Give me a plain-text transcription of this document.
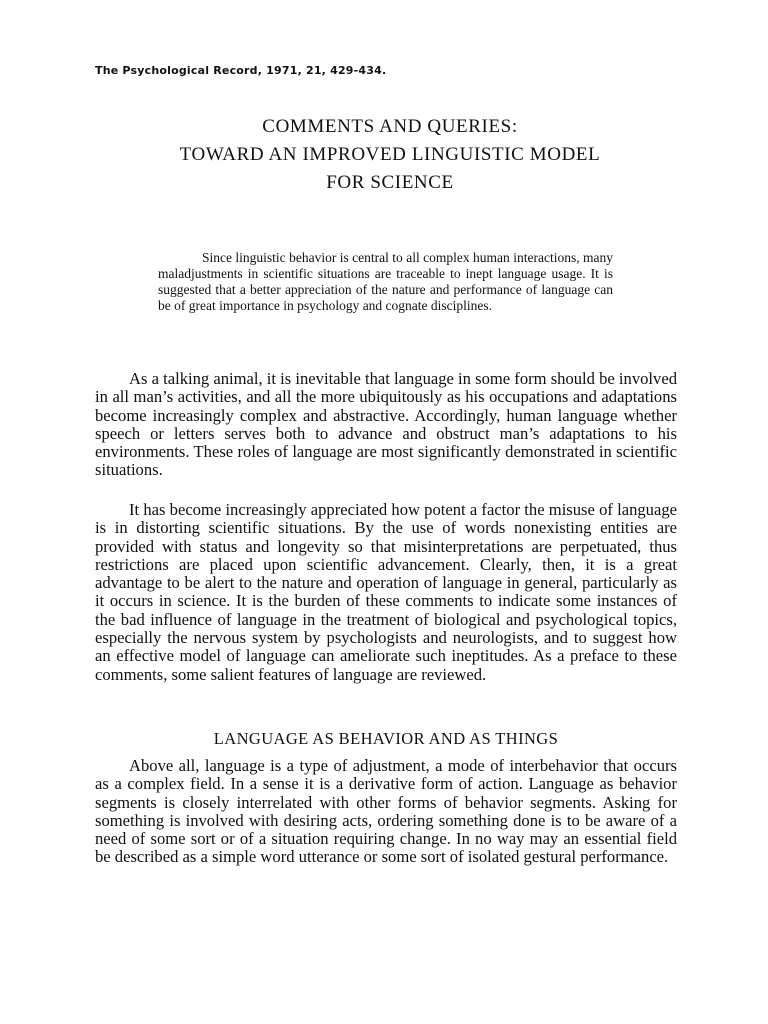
The Psychological Record, 1971, 21, 429-434.
COMMENTS AND QUERIES:
TOWARD AN IMPROVED LINGUISTIC MODEL
FOR SCIENCE

Since linguistic behavior is central to all complex human interactions, many maladjustments in scientific situations are traceable to inept language usage. It is suggested that a better appreciation of the nature and performance of language can be of great importance in psychology and cognate disciplines.

As a talking animal, it is inevitable that language in some form should be involved in all man’s activities, and all the more ubiquitously as his occupations and adaptations become increasingly complex and abstractive. Accordingly, human language whether speech or letters serves both to advance and obstruct man’s adaptations to his environments. These roles of language are most significantly demonstrated in scientific situations.

It has become increasingly appreciated how potent a factor the misuse of language is in distorting scientific situations. By the use of words nonexisting entities are provided with status and longevity so that misinterpretations are perpetuated, thus restrictions are placed upon scientific advancement. Clearly, then, it is a great advantage to be alert to the nature and operation of language in general, particularly as it occurs in science. It is the burden of these comments to indicate some instances of the bad influence of language in the treatment of biological and psychological topics, especially the nervous system by psychologists and neurologists, and to suggest how an effective model of language can ameliorate such ineptitudes. As a preface to these comments, some salient features of language are reviewed.

LANGUAGE AS BEHAVIOR AND AS THINGS

Above all, language is a type of adjustment, a mode of interbehavior that occurs as a complex field. In a sense it is a derivative form of action. Language as behavior segments is closely interrelated with other forms of behavior segments. Asking for something is involved with desiring acts, ordering something done is to be aware of a need of some sort or of a situation requiring change. In no way may an essential field be described as a simple word utterance or some sort of isolated gestural performance.
